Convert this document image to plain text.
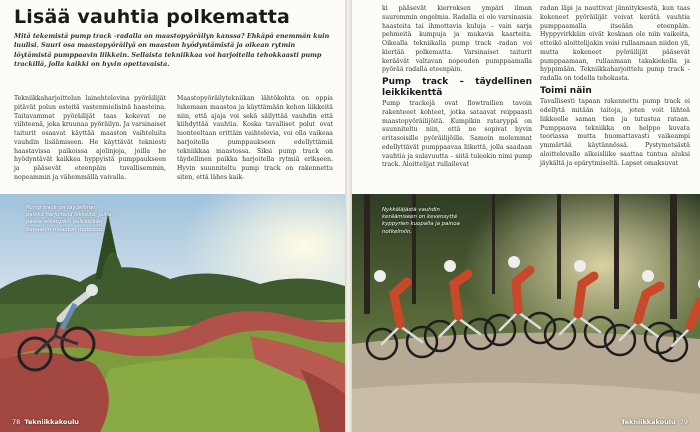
Lisää vauhtia polkematta
Mitä tekemistä pump track -radalla on maastopyöräilyn kanssa? Ehkäpä enemmän kuin luulisi. Suuri osa maastopyöräilyä on maaston hyödyntämistä ja oikean rytmin löytämistä pumppaavin liikkein. Sellaista tekniikkaa voi harjoitella tehokkaasti pump trackillä, jolla kaikki on hyvin opettavaista.

Tekniikkaharjoittelun lainehtelevina pyöräilijät pitävät polun esteitä vastenmielisinä haasteina. Taitavammat pyöräilijät taas kokevat ne viihteenä, joka kruunaa pyöräilyn. Ja varsinaiset taiturit osaavat käyttää maaston vaihteluita vauhdin lisäämiseen. He käyttävät tekniesti haastavissa paikoissa ajolinjoja, joilla he hyödyntävät kaikkea hyppyistä pumppaukseen ja pääsevät eteenpäin tuvallisemmin, nopeammin ja vähemmällä vaivalla.

Maastopyöräilytekniikan lähtökohta on oppia lukemaan maastoa ja käyttämään kehon liikkeitä niin, että ajaja voi sekä säilyttää vauhdin että kiihdyttää vauhtia. Koska tavalliset polut ovat luonteeltaan erittäin vaihtelevia, voi olla vaikeaa harjoitella pumppaukseen edellyttämiä tekniikkaa maastossa. Siksi pump track on täydellinen paikka harjoitella rytmiä erikseen. Hyvin suunniteltu pump track on rakennettu siten, että lähes kaik-

Pump track on täydellinen paikka harjoitella liikkeitä, joilla pääse eteenpäin pelkästään banaanin maaston muotoon.
78 Tekniikkakoulu

ki pääsevät kierroksen ympäri ilman suuremmin ongelmia. Radalla ei ole varsinaisia haasteita tai ihmottavia kuluja – vain sarja pehmeitä kumpuja ja mukavia kaarteita. Oikealla tekniikalla pump track -radan voi kiertää polkematta. Varsinaiset taiturit keräävät valtavan nopeuden pumppaamalla pyörää radalla eteenpäin.

Pump track – täydellinen leikkikenttä

Pump trackejä ovat flowtrailien tavoin rakenteeet kohteet, jotka sataavat reippaasti maastopyöräilijöitä. Kumpikin rataryppä on suunniteltu niin, että ne sopivat hyvin eritasoisille pyöräilijöille. Samoin molemmat edellyttävät pumppaavaa liikettä, jolla saadaan vauhtia ja sulavuutta – siitä tuleekin nimi pump track. Aloittelijat rullailevat

radan läpi ja nauttivat jännityksestä, kun taas kokeneet pyöräilijät voivat kerätä vauhtia pumppaamalla itseään eteenpäin. Hyppyvirkkäin eivät koskaan ole niin vaikeita, etteikö aloittelijakin voisi rullaamaan niiden yli, mutta kokeneet pyöräilijät pääsevät pumppaamaan, rullaamaan takakiekolla ja hyppimään. Tekniikkaharjoittelu pump track -radalla on todella tehokasta.

Toimi näin

Tavallisesti tapaan rakennettu pump track ei edellytä mitään taitoja, joten voit lähteä liikkeelle saman tien ja tutustua rataan. Pumppaava tekniikka on helppo kuvata teoriassa mutta huomattavasti vaikeampi ymmärtää käytännössä. Pystymetsästä aloittelevalle alkeisliike saattaa tuntua aluksi jäykältä ja epärytmiseltä. Lapset omaksuvat

Nykkäläjästä vauhdin keräämiseen on kevensyttä kyppyrien kuopalla ja painoa notkelmiin.
Tekniikkakoulu 79
